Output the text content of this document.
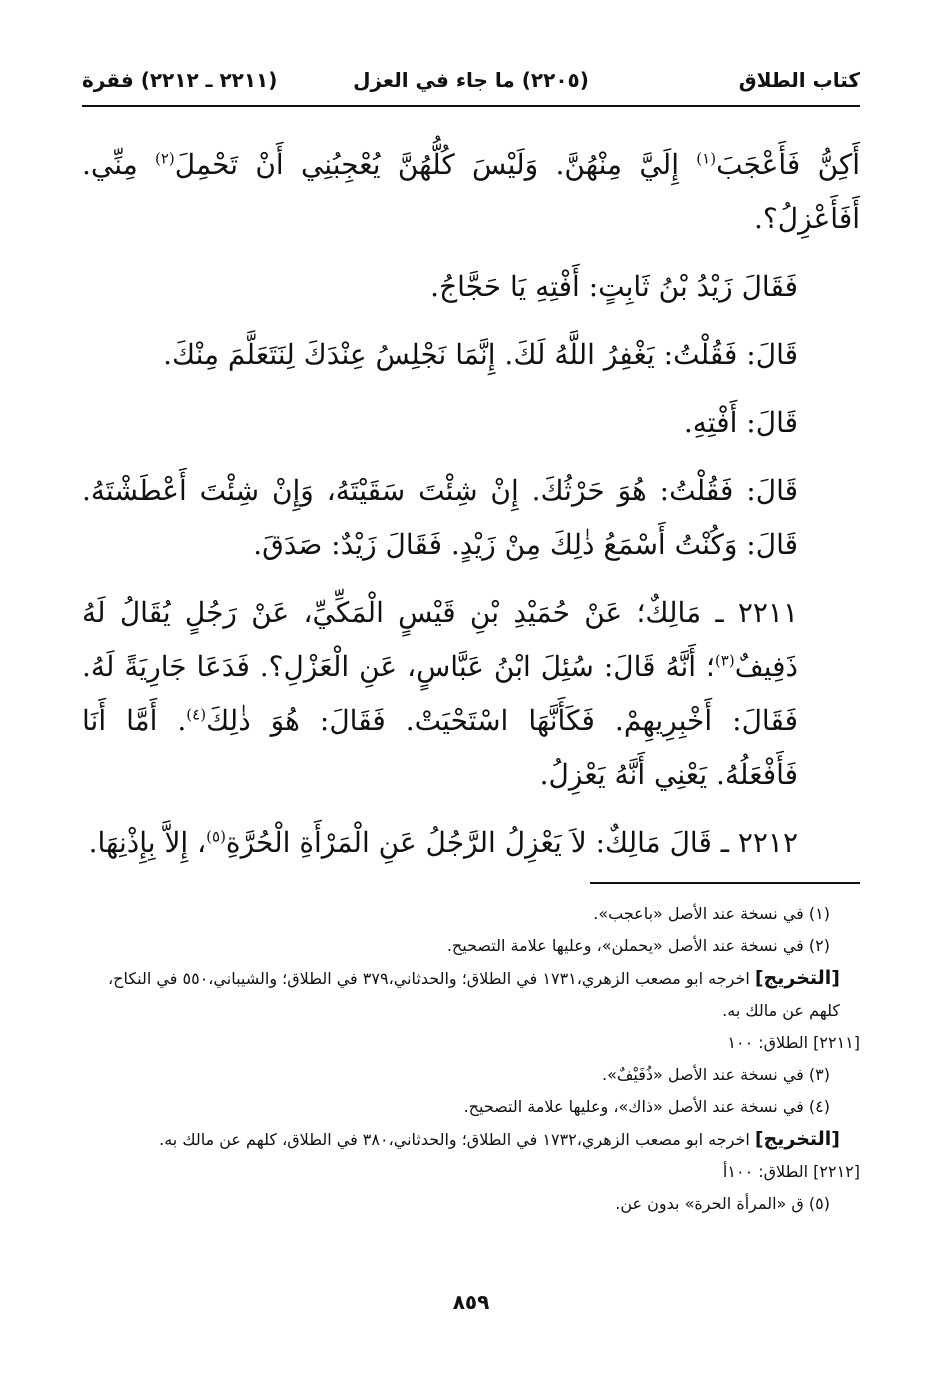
كتاب الطلاق
(٢٢٠٥) ما جاء في العزل
(٢٢١١ ـ ٢٢١٢) فقرة

أَكِنُّ فَأَعْجَبَ$^{(١)}$ إِلَيَّ مِنْهُنَّ. وَلَيْسَ كُلُّهُنَّ يُعْجِبُنِي أَنْ تَحْمِلَ$^{(٢)}$ مِنِّي. أَفَأَعْزِلُ؟.

فَقَالَ زَيْدُ بْنُ ثَابِتٍ: أَفْتِهِ يَا حَجَّاجُ.

قَالَ: فَقُلْتُ: يَغْفِرُ اللَّهُ لَكَ. إِنَّمَا نَجْلِسُ عِنْدَكَ لِنَتَعَلَّمَ مِنْكَ.

قَالَ: أَفْتِهِ.

قَالَ: فَقُلْتُ: هُوَ حَرْثُكَ. إِنْ شِئْتَ سَقَيْتَهُ، وَإِنْ شِئْتَ أَعْطَشْتَهُ. قَالَ: وَكُنْتُ أَسْمَعُ ذٰلِكَ مِنْ زَيْدٍ. فَقَالَ زَيْدٌ: صَدَقَ.

٢٢١١ ـ مَالِكٌ؛ عَنْ حُمَيْدِ بْنِ قَيْسٍ الْمَكِّيِّ، عَنْ رَجُلٍ يُقَالُ لَهُ ذَفِيفٌ$^{(٣)}$؛ أَنَّهُ قَالَ: سُئِلَ ابْنُ عَبَّاسٍ، عَنِ الْعَزْلِ؟. فَدَعَا جَارِيَةً لَهُ. فَقَالَ: أَخْبِرِيهِمْ. فَكَأَنَّهَا اسْتَحْيَتْ. فَقَالَ: هُوَ ذٰلِكَ$^{(٤)}$. أَمَّا أَنَا فَأَفْعَلُهُ. يَعْنِي أَنَّهُ يَعْزِلُ.

٢٢١٢ ـ قَالَ مَالِكٌ: لاَ يَعْزِلُ الرَّجُلُ عَنِ الْمَرْأَةِ الْحُرَّةِ$^{(٥)}$، إِلاَّ بِإِذْنِهَا.

(١) في نسخة عند الأصل «باعجب».
(٢) في نسخة عند الأصل «يحملن»، وعليها علامة التصحيح.
[التخريج] اخرجه ابو مصعب الزهري،١٧٣١ في الطلاق؛ والحدثاني،٣٧٩ في الطلاق؛ والشيباني،٥٥٠ في النكاح، كلهم عن مالك به.
[٢٢١١] الطلاق: ١٠٠
(٣) في نسخة عند الأصل «ذُفَيْفٌ».
(٤) في نسخة عند الأصل «ذاك»، وعليها علامة التصحيح.
[التخريج] اخرجه ابو مصعب الزهري،١٧٣٢ في الطلاق؛ والحدثاني،٣٨٠ في الطلاق، كلهم عن مالك به.
[٢٢١٢] الطلاق: ١٠٠أ
(٥) ق «المرأة الحرة» بدون عن.
٨٥٩
